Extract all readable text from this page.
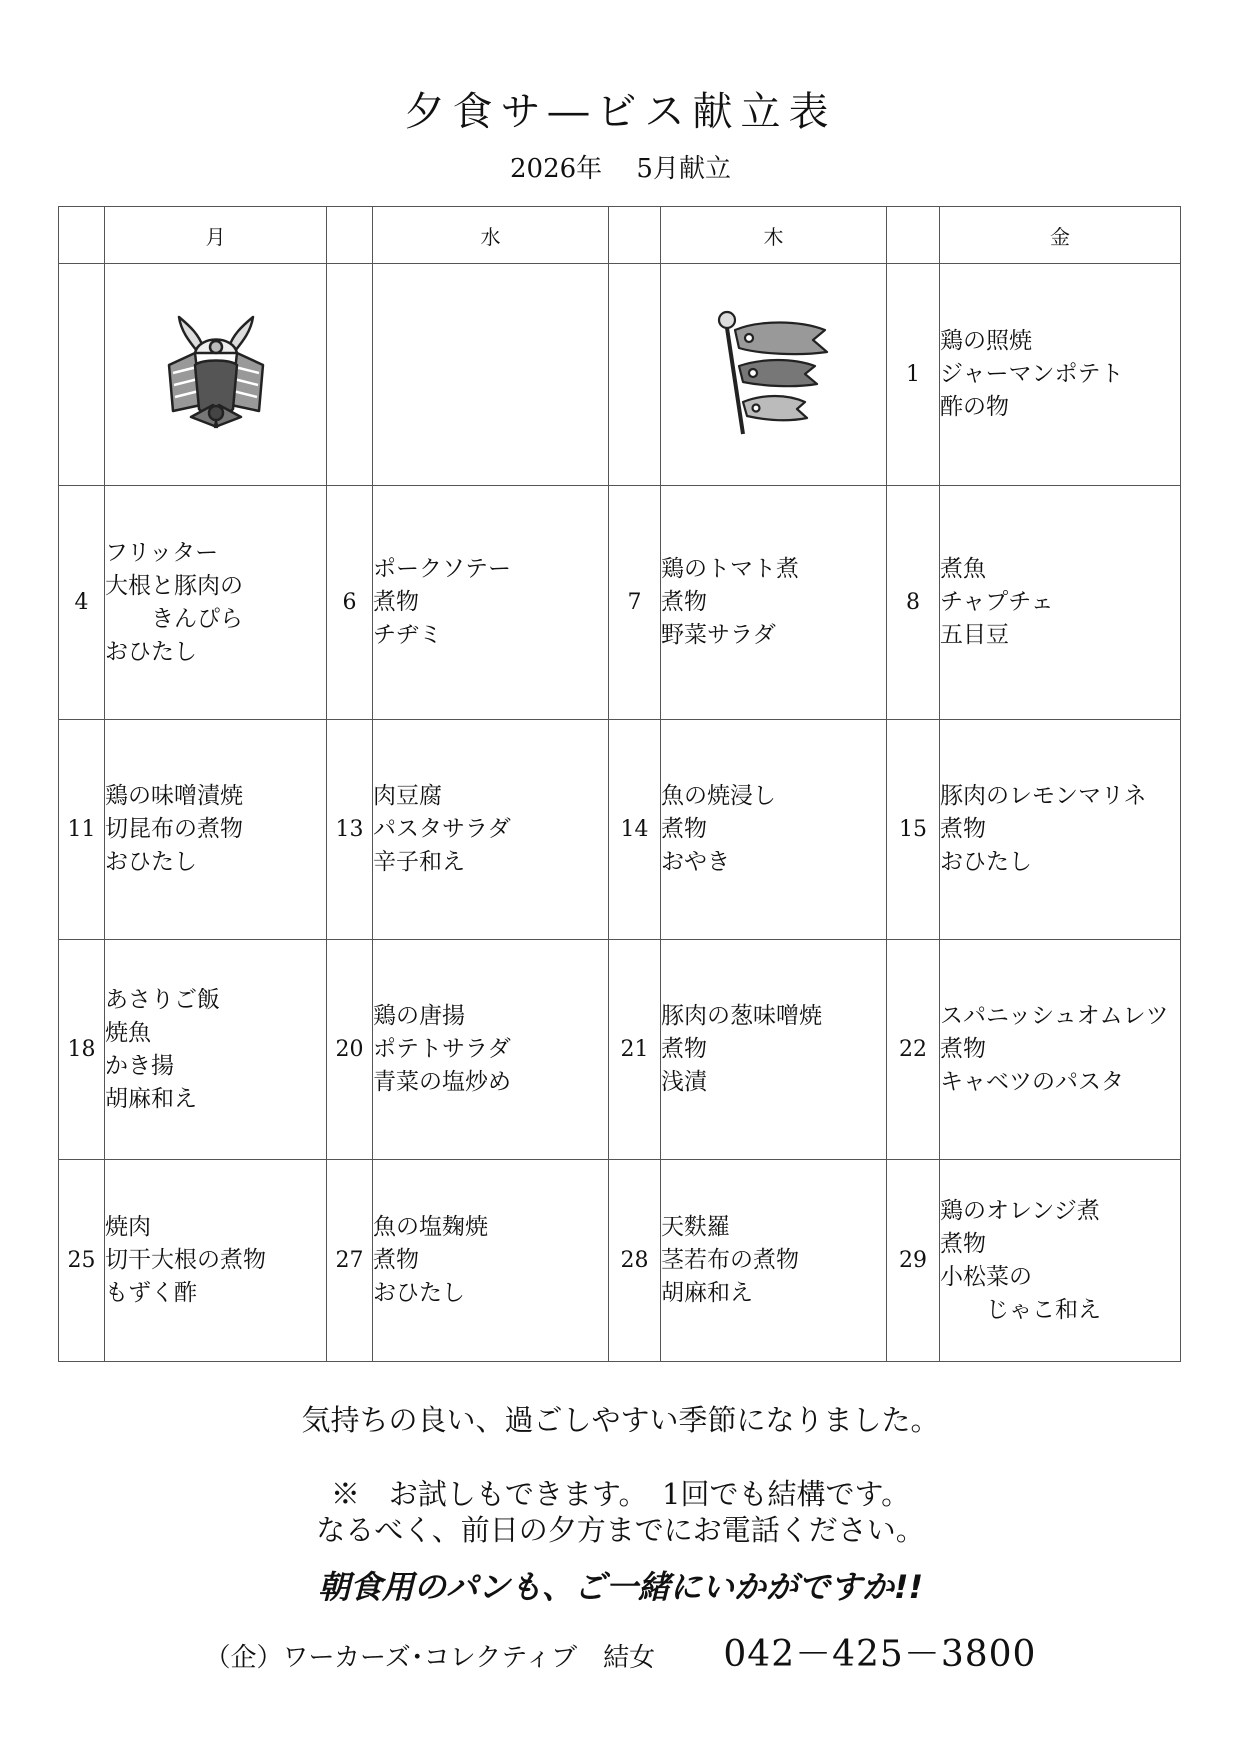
夕食サ―ビス献立表
2026年　 5月献立
	月		水		木		金
						1	鶏の照焼
ジャーマンポテト
酢の物

4	フリッター
大根と豚肉の
　　きんぴら
おひたし	6	ポークソテー
煮物
チヂミ	7	鶏のトマト煮
煮物
野菜サラダ	8	煮魚
チャプチェ
五目豆

11	鶏の味噌漬焼
切昆布の煮物
おひたし	13	肉豆腐
パスタサラダ
辛子和え	14	魚の焼浸し
煮物
おやき	15	豚肉のレモンマリネ
煮物
おひたし

18	あさりご飯
焼魚
かき揚
胡麻和え	20	鶏の唐揚
ポテトサラダ
青菜の塩炒め	21	豚肉の葱味噌焼
煮物
浅漬	22	スパニッシュオムレツ
煮物
キャベツのパスタ

25	焼肉
切干大根の煮物
もずく酢	27	魚の塩麹焼
煮物
おひたし	28	天麩羅
茎若布の煮物
胡麻和え	29	鶏のオレンジ煮
煮物
小松菜の
　　じゃこ和え
気持ちの良い、過ごしやすい季節になりました。
※　お試しもできます。　1回でも結構です。
なるべく、前日の夕方までにお電話ください。
朝食用のパンも、ご一緒にいかがですか!!
（企）ワーカーズ･コレクティブ　結女 042－425－3800
